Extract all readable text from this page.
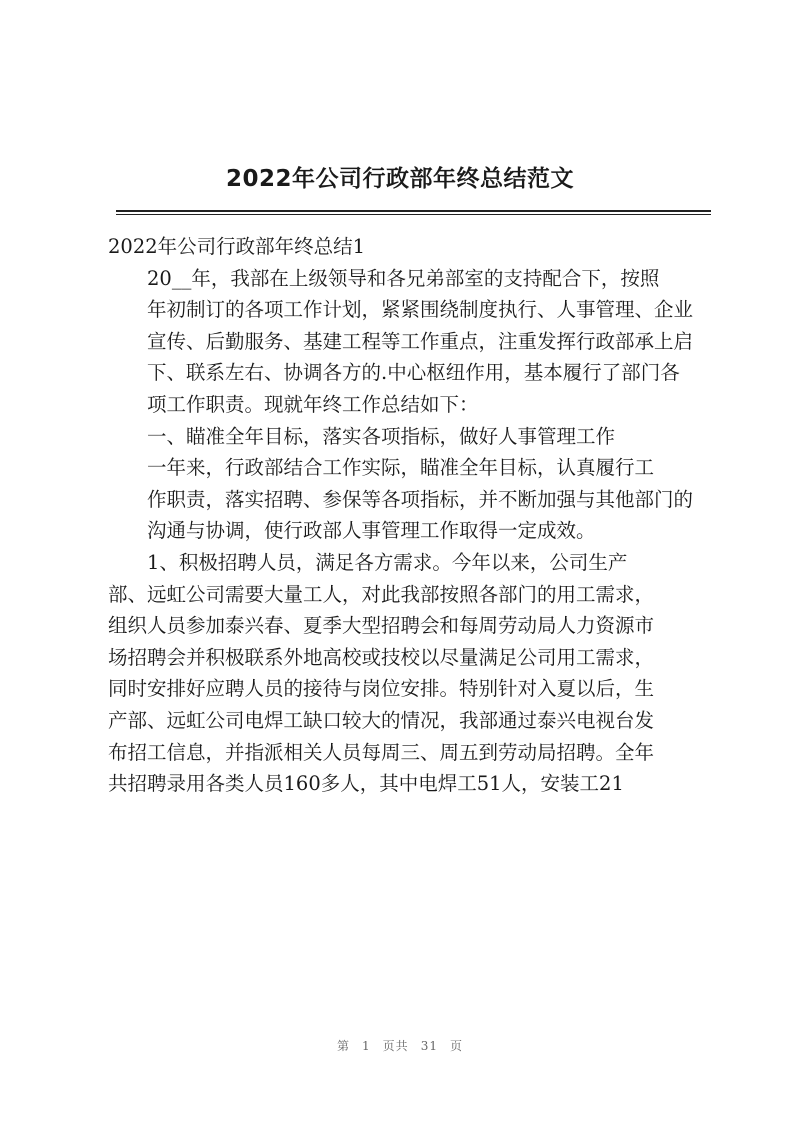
2022年公司行政部年终总结范文

2022年公司行政部年终总结1

20__年，我部在上级领导和各兄弟部室的支持配合下，按照
年初制订的各项工作计划，紧紧围绕制度执行、人事管理、企业
宣传、后勤服务、基建工程等工作重点，注重发挥行政部承上启
下、联系左右、协调各方的.中心枢纽作用，基本履行了部门各
项工作职责。现就年终工作总结如下：

一、瞄准全年目标，落实各项指标，做好人事管理工作

一年来，行政部结合工作实际，瞄准全年目标，认真履行工
作职责，落实招聘、参保等各项指标，并不断加强与其他部门的
沟通与协调，使行政部人事管理工作取得一定成效。

1、积极招聘人员，满足各方需求。今年以来，公司生产
部、远虹公司需要大量工人，对此我部按照各部门的用工需求，
组织人员参加泰兴春、夏季大型招聘会和每周劳动局人力资源市
场招聘会并积极联系外地高校或技校以尽量满足公司用工需求，
同时安排好应聘人员的接待与岗位安排。特别针对入夏以后，生
产部、远虹公司电焊工缺口较大的情况，我部通过泰兴电视台发
布招工信息，并指派相关人员每周三、周五到劳动局招聘。全年
共招聘录用各类人员160多人，其中电焊工51人，安装工21

第 1 页共 31 页
